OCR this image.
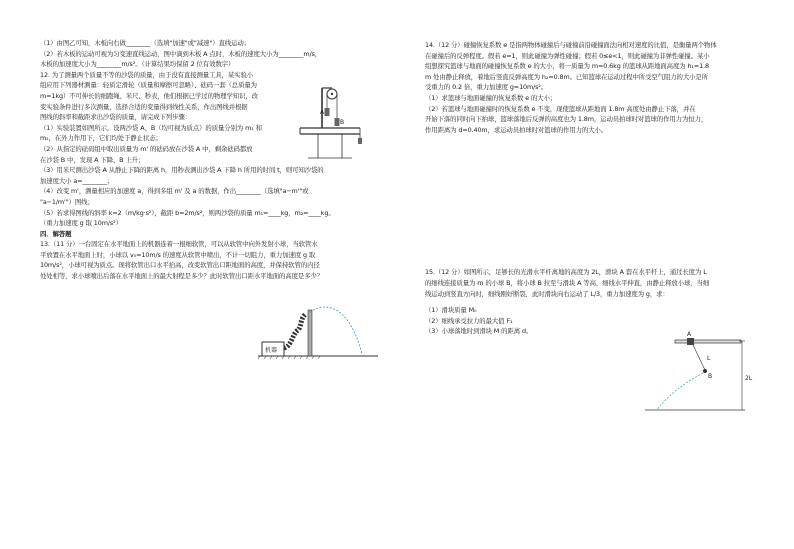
（1）由图乙可知，木板向右做________（选填"加速"或"减速"）直线运动；
（2）若木板的运动可视为匀变速直线运动，图中滴到木板 A 点时，木板的速度大小为________m/s，
木板的加速度大小为________m/s²。（计算结果均保留 2 位有效数字）
12. 为了测量两个质量不等的沙袋的质量，由于没有直接测量工具，某实验小
组应用下列器材测量：轻质定滑轮（质量和摩擦可忽略）、砝码一套（总质量为
m=1kg）不可伸长的细跑绳、米尺、秒表，他们根据已学过的物理学知识，改
变实验条件进行多次测量，选择合适的变量得到线性关系，作出图线并根据
图线的斜率和截距求出沙袋的质量，请完成下列步骤：
（1）实验装置如图所示，设两沙袋 A、B（均可视为质点）的质量分别为 m₁ 和
m₂，在外力作用下，它们均处于静止状态；
（2）从指定的砝码组中取出质量为 m' 的砝码放在沙袋 A 中，剩余砝码都放
在沙袋 B 中，发现 A 下降、B 上升；
（3）用米尺测出沙袋 A 从静止下降的距离 h，用秒表测出沙袋 A 下降 h 所用的时间 t，则可知沙袋的
加速度大小 a=________；
（4）改变 m'，测量相应的加速度 a，得到多组 m' 及 a 的数据，作出________（选填"a−m'"或
"a−1/m'"）图线；
（5）若求得图线的斜率 k=2（m/kg·s²），截距 b=2m/s²，则两沙袋的质量 m₁=____kg，m₂=____kg。
（重力加速度 g 取 10m/s²）
四．解答题
13.（11 分）一台固定在水平地面上的机器连着一根细软管，可以从软管中向外发射小球，当软管水
平放置在水平地面上时，小球以 v₀=10m/s 的速度从软管中喷出，不计一切阻力，重力加速度 g 取
10m/s²，小球可视为质点。现将软管出口水平抬高，改变软管出口距地面的高度，并保持软管的内径
处处相等，求小球喷出后落在水平地面上的最大射程是多少？此时软管出口距水平地面的高度是多少？
A
B
机器
14.（12 分）碰撞恢复系数 e 是指两物体碰撞后与碰撞前沿碰撞面法向相对速度的比值，是衡量两个物体
在碰撞后的反弹程度。假若 e=1，则此碰撞为弹性碰撞；假若 0≤e<1，则此碰撞为非弹性碰撞。某小
组想探究篮球与地面的碰撞恢复系数 e 的大小，将一质量为 m=0.6kg 的篮球从距地面高度为 h₁=1.8
m 处由静止释放，着地后竖直反弹高度为 h₂=0.8m。已知篮球在运动过程中所受空气阻力的大小是所
受重力的 0.2 倍，重力加速度 g=10m/s²。
（1）求篮球与地面碰撞的恢复系数 e 的大小；
（2）若篮球与地面碰撞时的恢复系数 e 不变，现使篮球从距地面 1.8m 高度处由静止下落，并在
开始下落的同时向下拍球，篮球落地后反弹的高度也为 1.8m，运动员拍球时对篮球的作用力为恒力，
作用距离为 d=0.40m，求运动员拍球时对篮球的作用力的大小。
15.（12 分）如图所示，足够长的光滑水平杆离地的高度为 2L，滑块 A 套在水平杆上，通过长度为 L
的细线连接质量为 m 的小球 B，将小球 B 拉至与滑块 A 等高，细线水平伸直，由静止释放小球，当细
线运动到竖直方向时，细线刚好断裂，此时滑块向右运动了 L/3，重力加速度为 g，求：
（1）滑块质量 M₀
（2）细线承受拉力的最大值 F₁
（3）小球落地时到滑块 M 的距离 d。	A
L
B	2L
